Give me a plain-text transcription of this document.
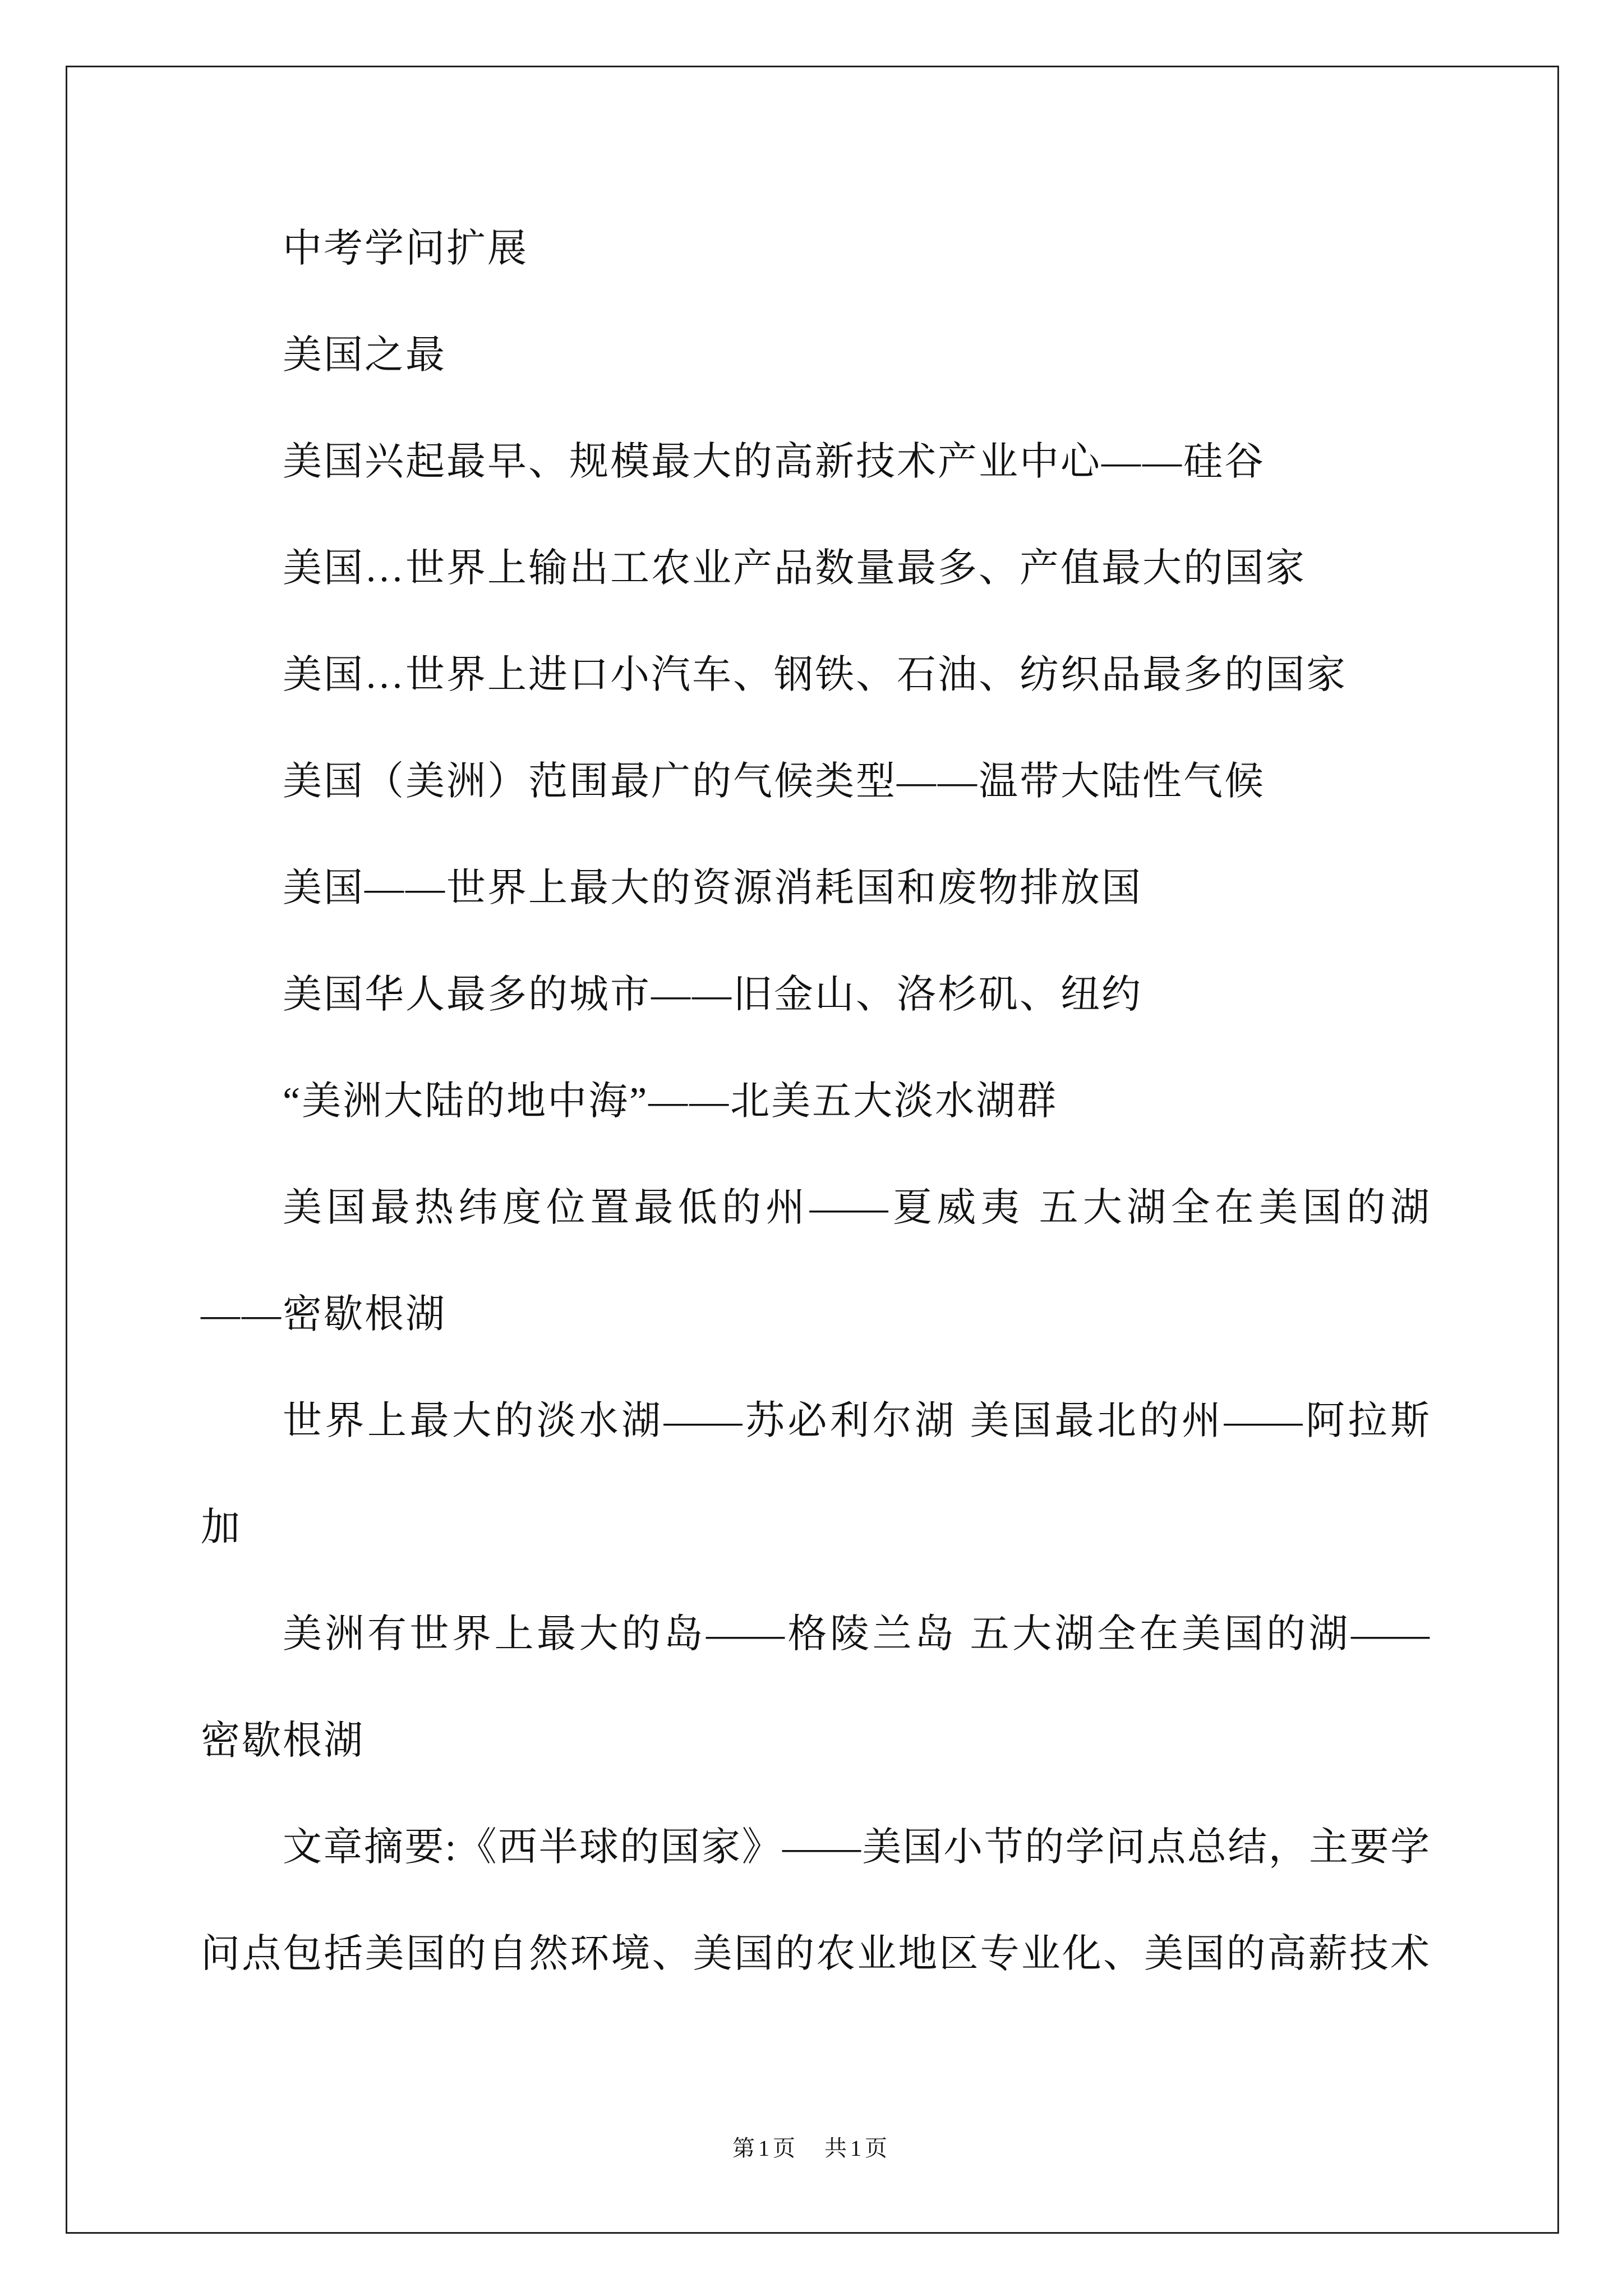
中考学问扩展
美国之最
美国兴起最早、规模最大的高新技术产业中心——硅谷
美国…世界上输出工农业产品数量最多、产值最大的国家
美国…世界上进口小汽车、钢铁、石油、纺织品最多的国家
美国（美洲）范围最广的气候类型——温带大陆性气候
美国——世界上最大的资源消耗国和废物排放国
美国华人最多的城市——旧金山、洛杉矶、纽约
“美洲大陆的地中海”——北美五大淡水湖群
美国最热纬度位置最低的州——夏威夷 五大湖全在美国的湖
——密歇根湖
世界上最大的淡水湖——苏必利尔湖 美国最北的州——阿拉斯
加
美洲有世界上最大的岛——格陵兰岛 五大湖全在美国的湖——
密歇根湖
文章摘要:《西半球的国家》——美国小节的学问点总结，主要学
问点包括美国的自然环境、美国的农业地区专业化、美国的高薪技术
第1页 共1页
